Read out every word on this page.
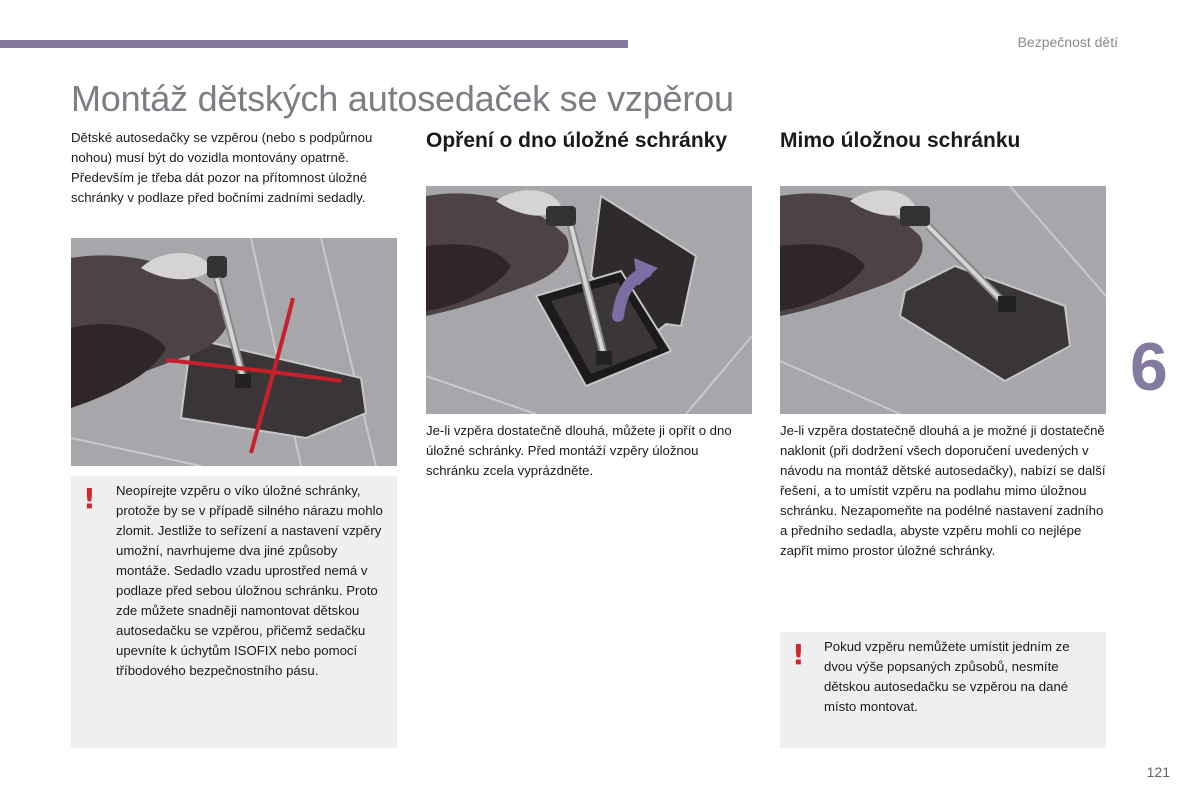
Bezpečnost dětí
Montáž dětských autosedaček se vzpěrou
6
121

Dětské autosedačky se vzpěrou (nebo s podpůrnou nohou) musí být do vozidla montovány opatrně. Především je třeba dát pozor na přítomnost úložné schránky v podlaze před bočními zadními sedadly.

! Neopírejte vzpěru o víko úložné schránky, protože by se v případě silného nárazu mohlo zlomit. Jestliže to seřízení a nastavení vzpěry umožní, navrhujeme dva jiné způsoby montáže. Sedadlo vzadu uprostřed nemá v podlaze před sebou úložnou schránku. Proto zde můžete snadněji namontovat dětskou autosedačku se vzpěrou, přičemž sedačku upevníte k úchytům ISOFIX nebo pomocí tříbodového bezpečnostního pásu.

Opření o dno úložné schránky

Je-li vzpěra dostatečně dlouhá, můžete ji opřít o dno úložné schránky. Před montáží vzpěry úložnou schránku zcela vyprázdněte.

Mimo úložnou schránku

Je-li vzpěra dostatečně dlouhá a je možné ji dostatečně naklonit (při dodržení všech doporučení uvedených v návodu na montáž dětské autosedačky), nabízí se další řešení, a to umístit vzpěru na podlahu mimo úložnou schránku. Nezapomeňte na podélné nastavení zadního a předního sedadla, abyste vzpěru mohli co nejlépe zapřít mimo prostor úložné schránky.

! Pokud vzpěru nemůžete umístit jedním ze dvou výše popsaných způsobů, nesmíte dětskou autosedačku se vzpěrou na dané místo montovat.
